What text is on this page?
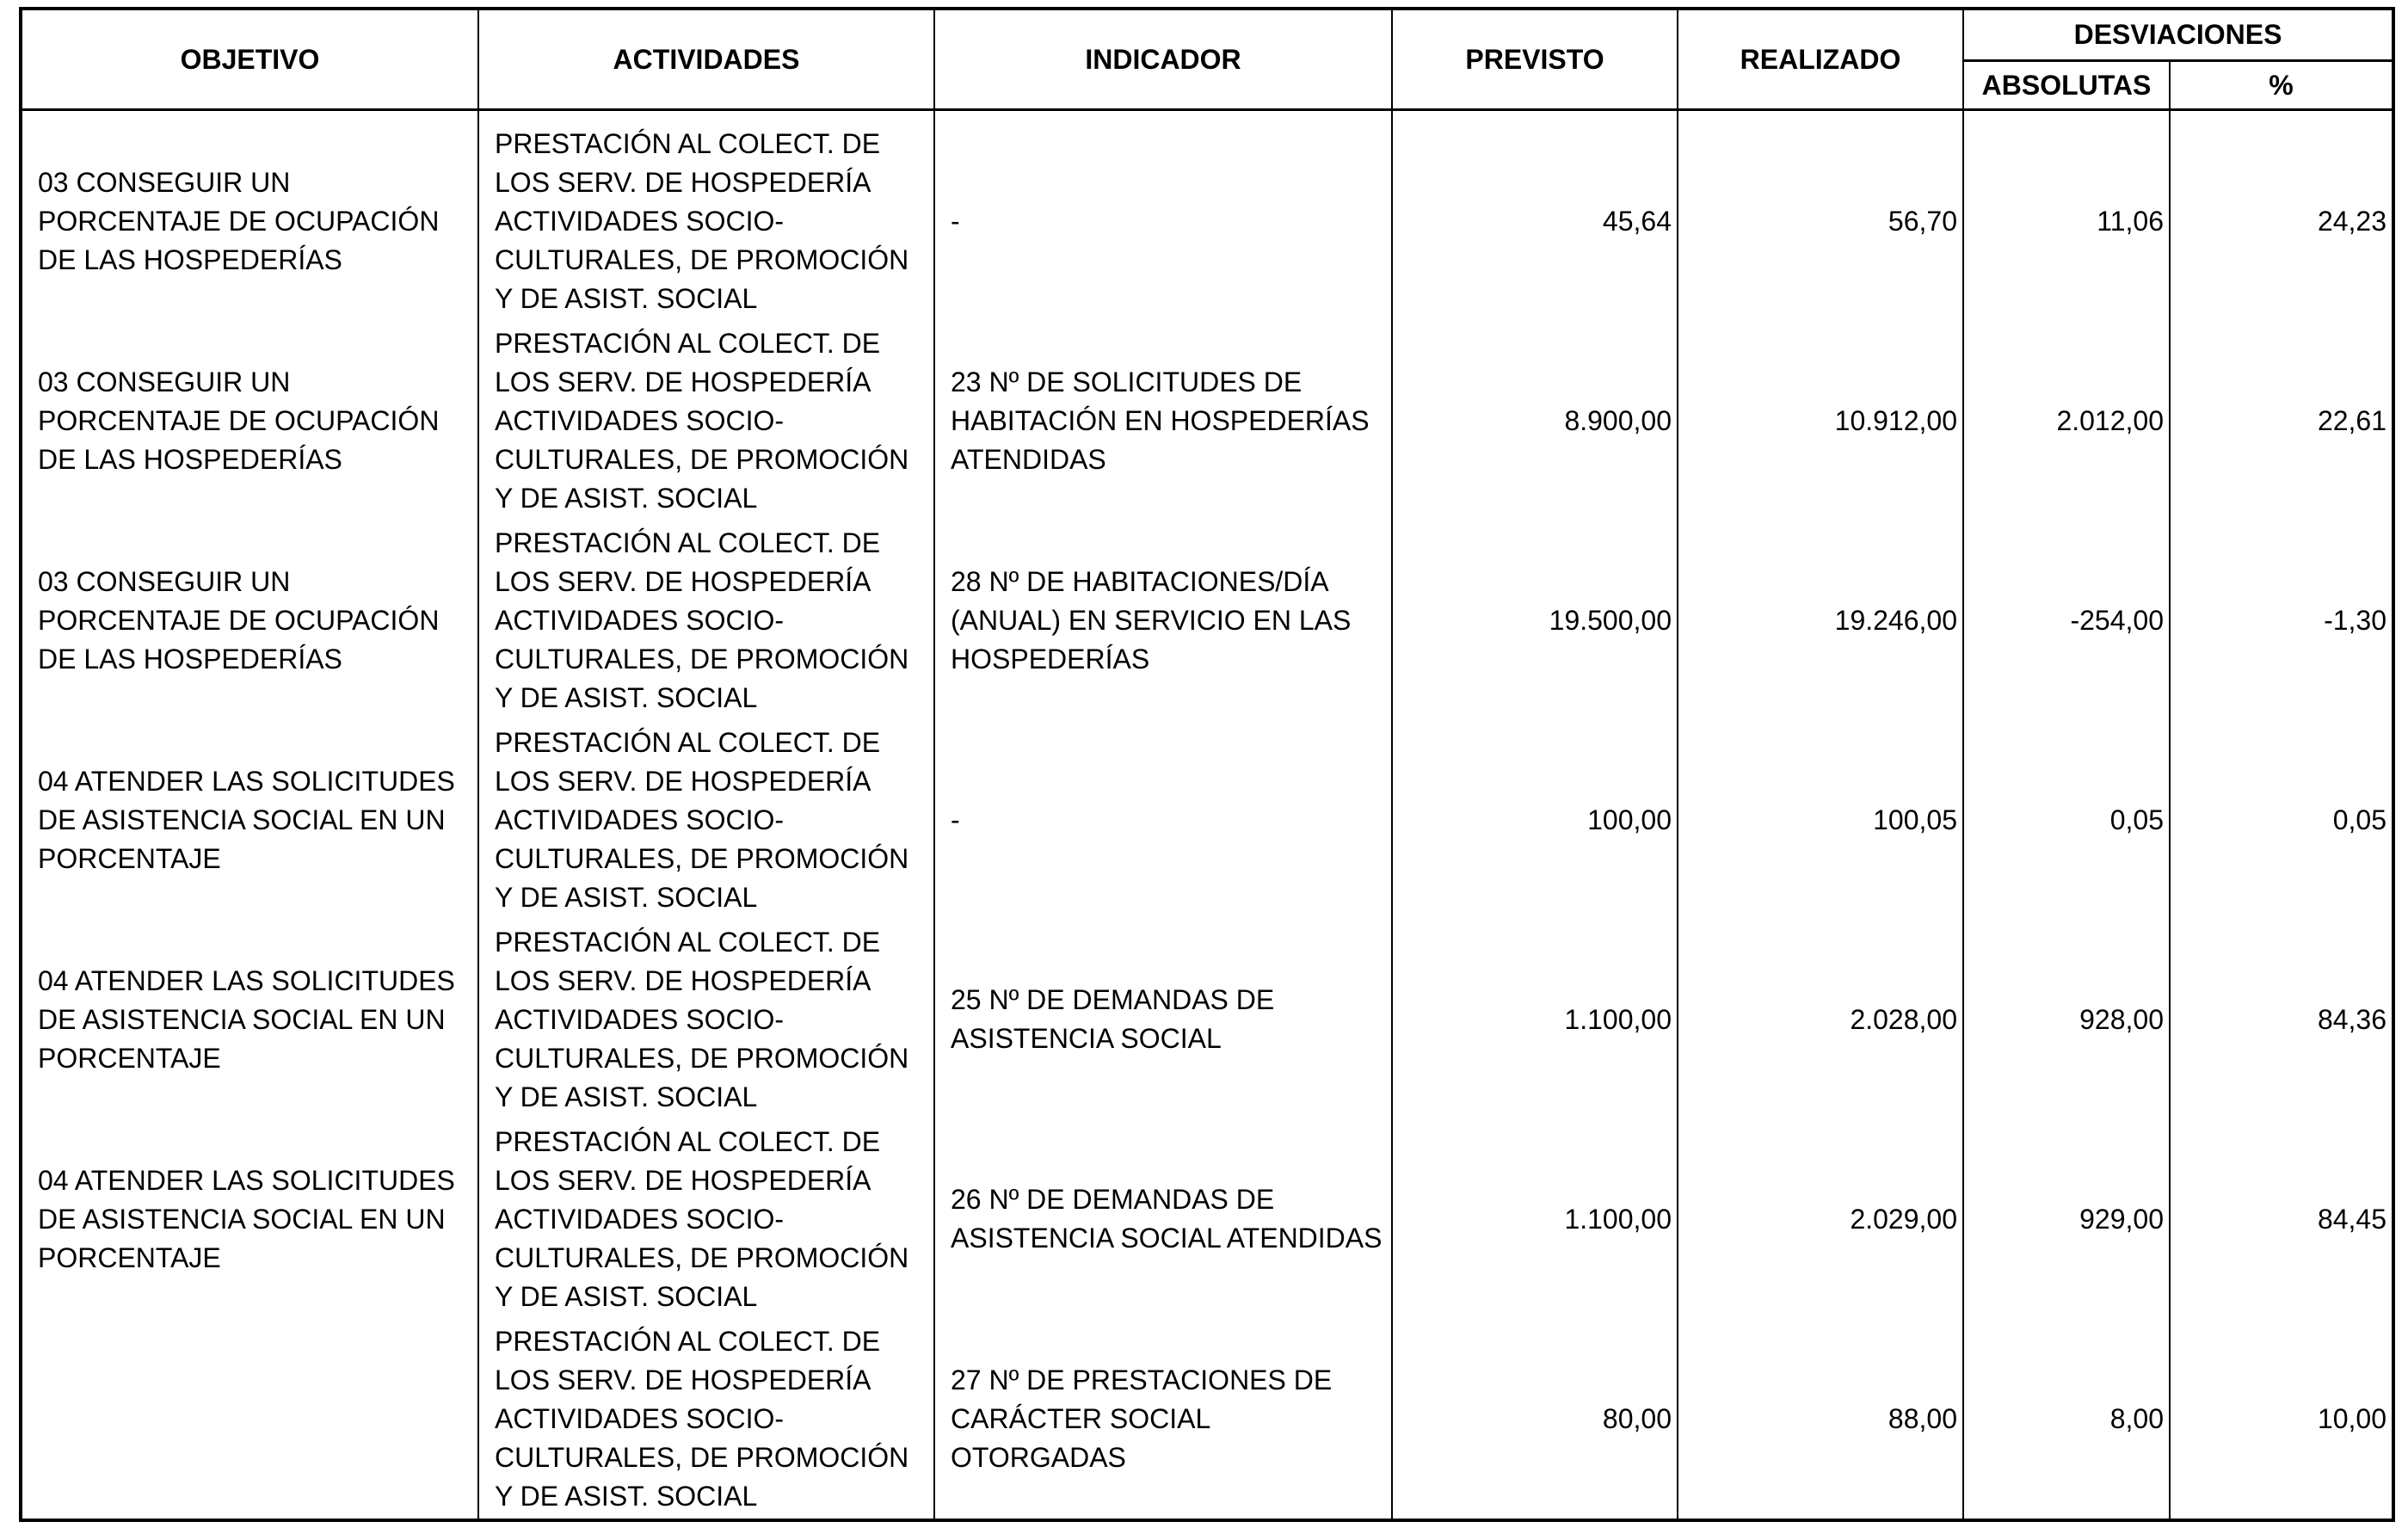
OBJETIVO	ACTIVIDADES	INDICADOR	PREVISTO	REALIZADO	DESVIACIONES	
					ABSOLUTAS	%
03 CONSEGUIR UN PORCENTAJE DE OCUPACIÓN DE LAS HOSPEDERÍAS	PRESTACIÓN AL COLECT. DE LOS SERV. DE HOSPEDERÍA ACTIVIDADES SOCIO-CULTURALES, DE PROMOCIÓN Y DE ASIST. SOCIAL	-	45,64	56,70	11,06	24,23
03 CONSEGUIR UN PORCENTAJE DE OCUPACIÓN DE LAS HOSPEDERÍAS	PRESTACIÓN AL COLECT. DE LOS SERV. DE HOSPEDERÍA ACTIVIDADES SOCIO-CULTURALES, DE PROMOCIÓN Y DE ASIST. SOCIAL	23 Nº DE SOLICITUDES DE HABITACIÓN EN HOSPEDERÍAS ATENDIDAS	8.900,00	10.912,00	2.012,00	22,61
03 CONSEGUIR UN PORCENTAJE DE OCUPACIÓN DE LAS HOSPEDERÍAS	PRESTACIÓN AL COLECT. DE LOS SERV. DE HOSPEDERÍA ACTIVIDADES SOCIO-CULTURALES, DE PROMOCIÓN Y DE ASIST. SOCIAL	28 Nº DE HABITACIONES/DÍA (ANUAL) EN SERVICIO EN LAS HOSPEDERÍAS	19.500,00	19.246,00	-254,00	-1,30
04 ATENDER LAS SOLICITUDES DE ASISTENCIA SOCIAL EN UN PORCENTAJE	PRESTACIÓN AL COLECT. DE LOS SERV. DE HOSPEDERÍA ACTIVIDADES SOCIO-CULTURALES, DE PROMOCIÓN Y DE ASIST. SOCIAL	-	100,00	100,05	0,05	0,05
04 ATENDER LAS SOLICITUDES DE ASISTENCIA SOCIAL EN UN PORCENTAJE	PRESTACIÓN AL COLECT. DE LOS SERV. DE HOSPEDERÍA ACTIVIDADES SOCIO-CULTURALES, DE PROMOCIÓN Y DE ASIST. SOCIAL	25 Nº DE DEMANDAS DE ASISTENCIA SOCIAL	1.100,00	2.028,00	928,00	84,36
04 ATENDER LAS SOLICITUDES DE ASISTENCIA SOCIAL EN UN PORCENTAJE	PRESTACIÓN AL COLECT. DE LOS SERV. DE HOSPEDERÍA ACTIVIDADES SOCIO-CULTURALES, DE PROMOCIÓN Y DE ASIST. SOCIAL	26 Nº DE DEMANDAS DE ASISTENCIA SOCIAL ATENDIDAS	1.100,00	2.029,00	929,00	84,45
	PRESTACIÓN AL COLECT. DE LOS SERV. DE HOSPEDERÍA ACTIVIDADES SOCIO-CULTURALES, DE PROMOCIÓN Y DE ASIST. SOCIAL	27 Nº DE PRESTACIONES DE CARÁCTER SOCIAL OTORGADAS	80,00	88,00	8,00	10,00
